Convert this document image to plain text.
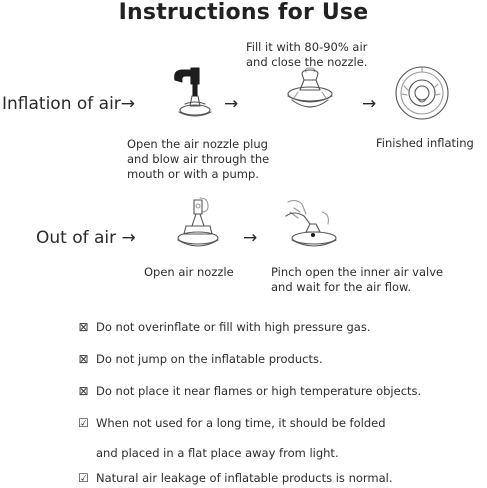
Instructions for Use
Inflation of air→	→	→
Open the air nozzle plug
and blow air through the
mouth or with a pump.
Fill it with 80-90% air
and close the nozzle.
Finished inflating
Out of air →	→
Open air nozzle	Pinch open the inner air valve
and wait for the air flow.
⊠ Do not overinflate or fill with high pressure gas.
⊠ Do not jump on the inflatable products.
⊠ Do not place it near flames or high temperature objects.
☑ When not used for a long time, it should be folded
and placed in a flat place away from light.
☑ Natural air leakage of inflatable products is normal.
